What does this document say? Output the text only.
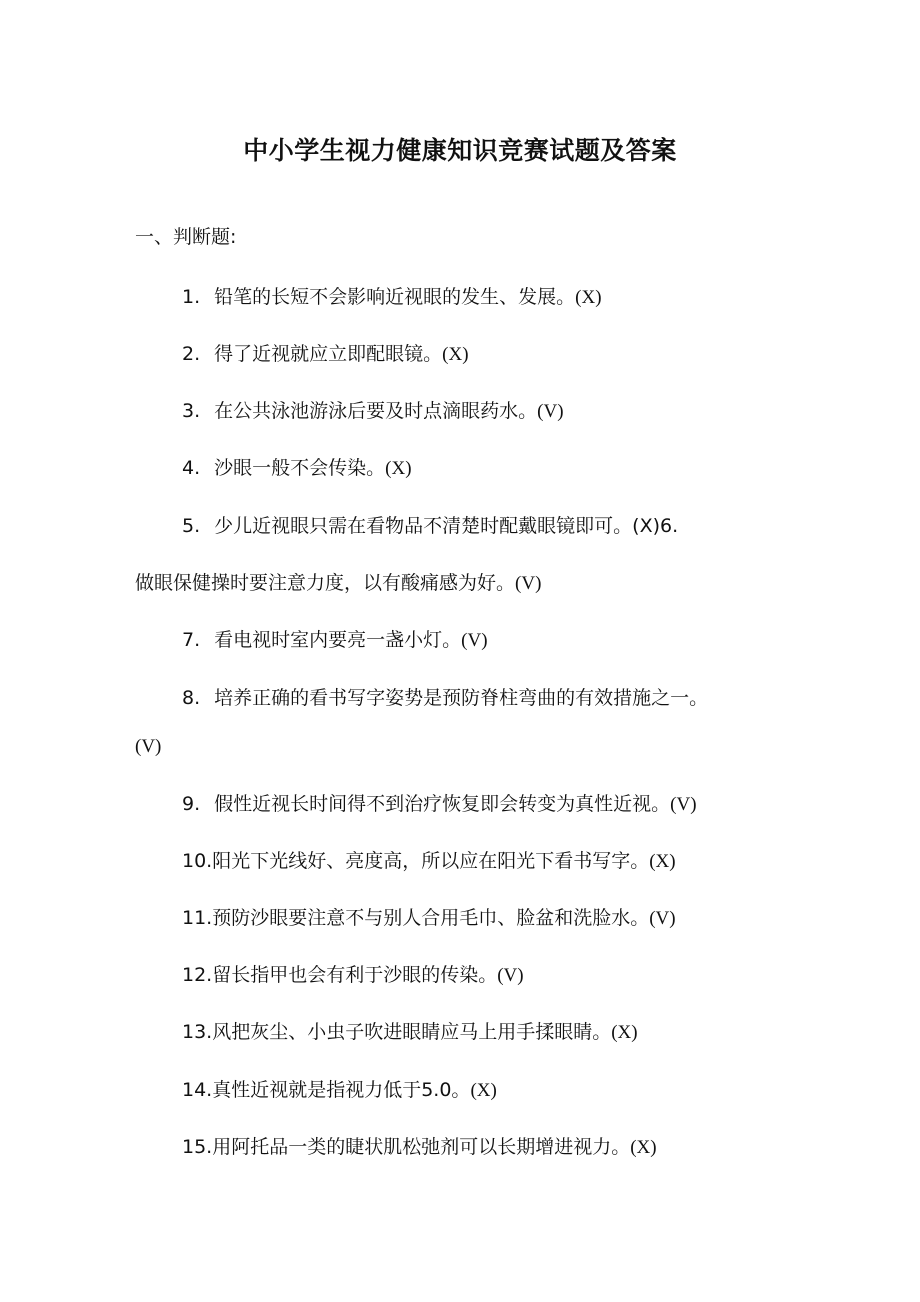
中小学生视力健康知识竞赛试题及答案

一、判断题:

1. 铅笔的长短不会影响近视眼的发生、发展。(X)

2. 得了近视就应立即配眼镜。(X)

3. 在公共泳池游泳后要及时点滴眼药水。(V)

4. 沙眼一般不会传染。(X)

5. 少儿近视眼只需在看物品不清楚时配戴眼镜即可。(X)6.

做眼保健操时要注意力度，以有酸痛感为好。(V)

7. 看电视时室内要亮一盏小灯。(V)

8. 培养正确的看书写字姿势是预防脊柱弯曲的有效措施之一。

(V)

9. 假性近视长时间得不到治疗恢复即会转变为真性近视。(V)

10.阳光下光线好、亮度高，所以应在阳光下看书写字。(X)

11.预防沙眼要注意不与别人合用毛巾、脸盆和洗脸水。(V)

12.留长指甲也会有利于沙眼的传染。(V)

13.风把灰尘、小虫子吹进眼睛应马上用手揉眼睛。(X)

14.真性近视就是指视力低于5.0。(X)

15.用阿托品一类的睫状肌松弛剂可以长期增进视力。(X)
